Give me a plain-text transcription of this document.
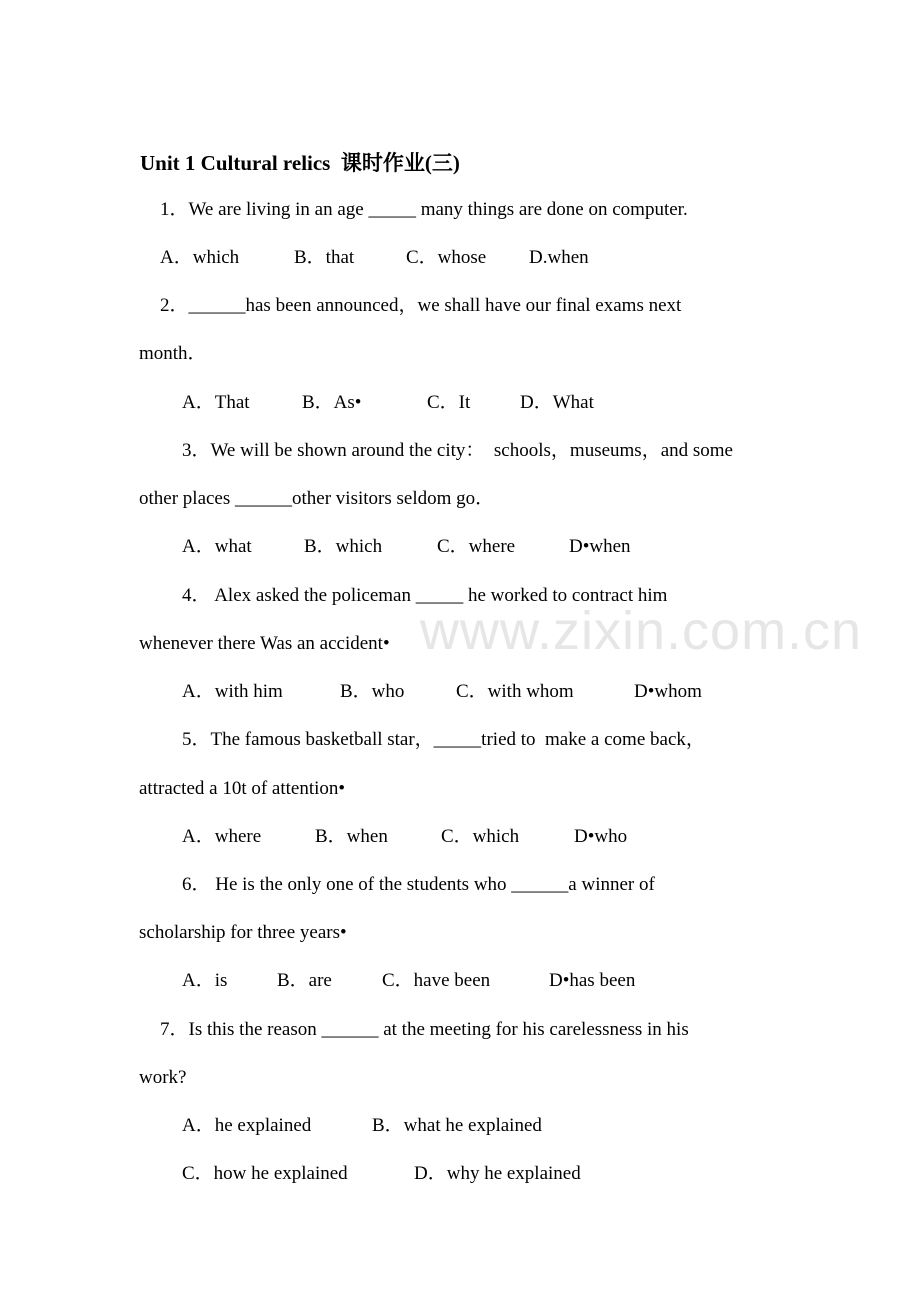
Unit 1 Cultural relics  课时作业(三)
www.zixin.com.cn
1．We are living in an age _____ many things are done on computer.
A．which	B．that	C．whose D.when
2．______has been announced，we shall have our final exams next
month．
A．That	B．As•	C．It	D．What
3．We will be shown around the city：  schools，museums，and some
other places ______other visitors seldom go．
A．what	B．which	C．where	D•when
4． Alex asked the policeman _____ he worked to contract him
whenever there Was an accident•
A．with him	B．who	C．with whom	D•whom
5．The famous basketball star，_____tried to  make a come back，
attracted a 10t of attention•
A．where	B．when	C．which	D•who
6． He is the only one of the students who ______a winner of
scholarship for three years•
A．is	B．are	C．have been	D•has been
7．Is this the reason ______ at the meeting for his carelessness in his
work?
A．he explained	B．what he explained
C．how he explained	D．why he explained
